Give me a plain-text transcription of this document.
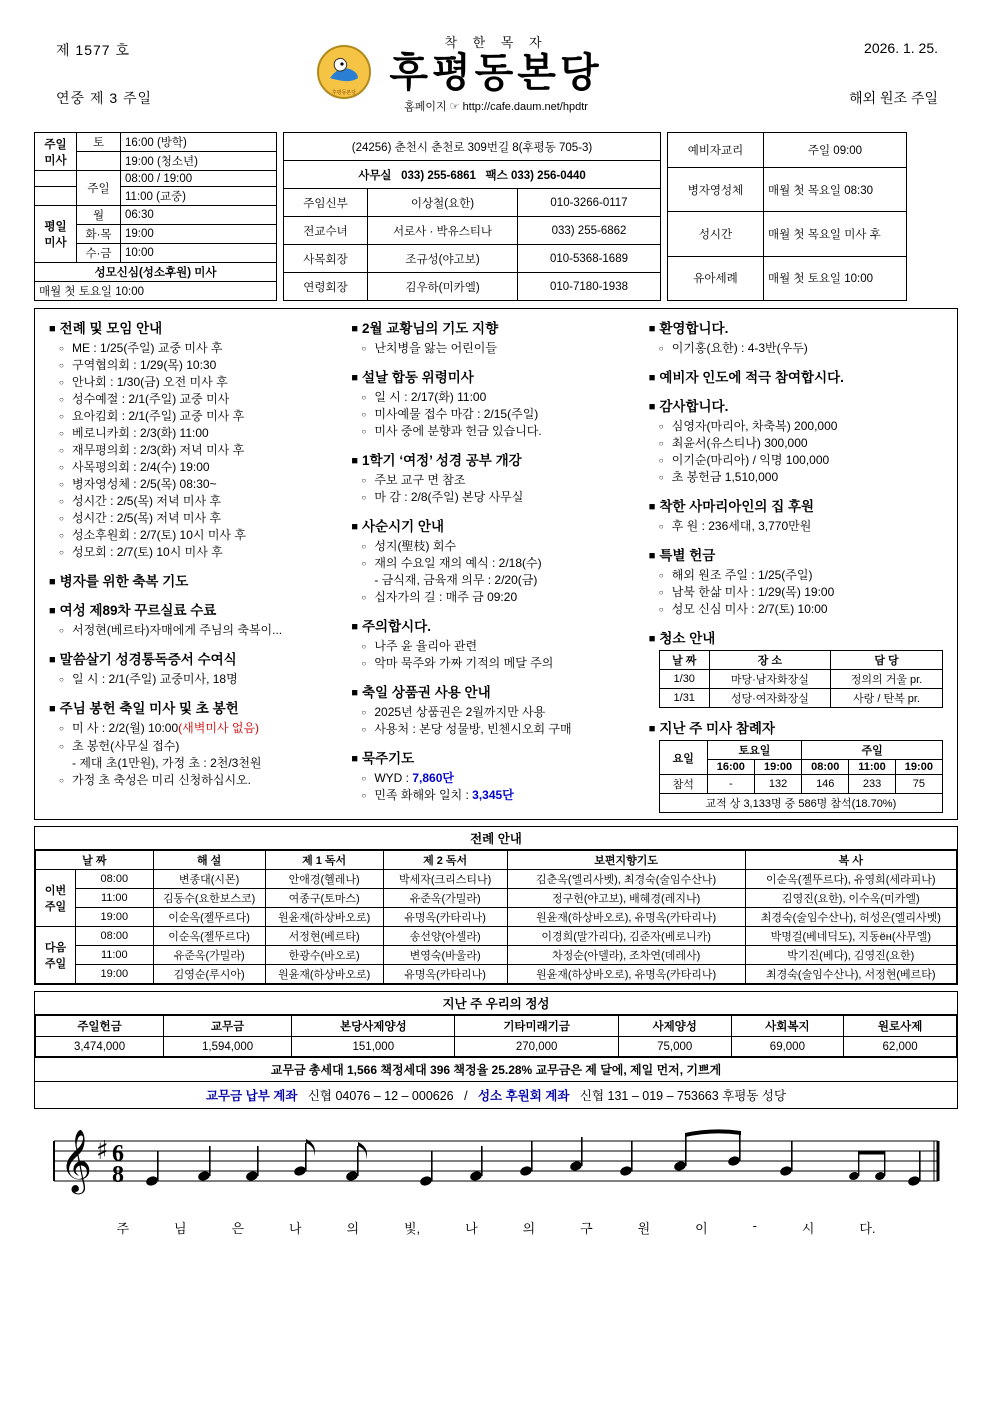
제 1577 호
연중 제 3 주일
2026. 1. 25.
해외 원조 주일
후평동본당
착 한 목 자
후평동본당
홈페이지 ☞ http://cafe.daum.net/hpdtr
주일
미사	토	16:00 (방학)
		19:00 (청소년)
	주일	08:00 / 19:00
		11:00 (교중)
평일
미사	월	06:30
	화·목	19:00
	수·금	10:00
성모신심(성소후원) 미사		
매월 첫 토요일 10:00		
(24256) 춘천시 춘천로 309번길 8(후평동 705-3)		
사무실 033) 255-6861 팩스 033) 256-0440		
주임신부	이상철(요한)	010-3266-0117
전교수녀	서로사 · 박유스티나	033) 255-6862
사목회장	조규성(야고보)	010-5368-1689
연령회장	김우하(미카엘)	010-7180-1938
예비자교리	주일 09:00
병자영성체	매월 첫 목요일 08:30
성시간	매월 첫 목요일 미사 후
유아세례	매월 첫 토요일 10:00
■ 전례 및 모임 안내
○ ME : 1/25(주일) 교중 미사 후
○ 구역협의회 : 1/29(목) 10:30
○ 안나회 : 1/30(금) 오전 미사 후
○ 성수예절 : 2/1(주일) 교중 미사
○ 요아킴회 : 2/1(주일) 교중 미사 후
○ 베로니카회 : 2/3(화) 11:00
○ 재무평의회 : 2/3(화) 저녁 미사 후
○ 사목평의회 : 2/4(수) 19:00
○ 병자영성체 : 2/5(목) 08:30~
○ 성시간 : 2/5(목) 저녁 미사 후
○ 성시간 : 2/5(목) 저녁 미사 후
○ 성소후원회 : 2/7(토) 10시 미사 후
○ 성모회 : 2/7(토) 10시 미사 후
■ 병자를 위한 축복 기도
■ 여성 제89차 꾸르실료 수료
○ 서정현(베르타)자매에게 주님의 축복이...
■ 말씀살기 성경통독증서 수여식
○ 일 시 : 2/1(주일) 교중미사, 18명
■ 주님 봉헌 축일 미사 및 초 봉헌
○ 미 사 : 2/2(월) 10:00(새벽미사 없음)
○ 초 봉헌(사무실 접수)
- 제대 초(1만원), 가정 초 : 2천/3천원
○ 가정 초 축성은 미리 신청하십시오.
■ 2월 교황님의 기도 지향
○ 난치병을 앓는 어린이들
■ 설날 합동 위령미사
○ 일 시 : 2/17(화) 11:00
○ 미사예물 접수 마감 : 2/15(주일)
○ 미사 중에 분향과 헌금 있습니다.
■ 1학기 ‘여정’ 성경 공부 개강
○ 주보 교구 면 참조
○ 마 감 : 2/8(주일) 본당 사무실
■ 사순시기 안내
○ 성지(聖枝) 회수
○ 재의 수요일 재의 예식 : 2/18(수)
- 금식재, 금육재 의무 : 2/20(금)
○ 십자가의 길 : 매주 금 09:20
■ 주의합시다.
○ 나주 윤 율리아 관련
○ 악마 묵주와 가짜 기적의 메달 주의
■ 축일 상품권 사용 안내
○ 2025년 상품권은 2월까지만 사용
○ 사용처 : 본당 성물방, 빈첸시오회 구매
■ 묵주기도
○ WYD : 7,860단
○ 민족 화해와 일치 : 3,345단
■ 환영합니다.
○ 이기홍(요한) : 4-3반(우두)
■ 예비자 인도에 적극 참여합시다.
■ 감사합니다.
○ 심영자(마리아, 차축복) 200,000
○ 최윤서(유스티나) 300,000
○ 이기순(마리아) / 익명 100,000
○ 초 봉헌금 1,510,000
■ 착한 사마리아인의 집 후원
○ 후 원 : 236세대, 3,770만원
■ 특별 헌금
○ 해외 원조 주일 : 1/25(주일)
○ 남북 한삶 미사 : 1/29(목) 19:00
○ 성모 신심 미사 : 2/7(토) 10:00
■ 청소 안내
날 짜	장 소	담 당
1/30	마당·남자화장실	정의의 거울 pr.
1/31	성당·여자화장실	사랑 / 탄복 pr.
■ 지난 주 미사 참례자
요일	토요일		주일		
	16:00	19:00	08:00	11:00	19:00
참석	-	132	146	233	75
교적 상 3,133명 중 586명 참석(18.70%)					
전례 안내
날 짜		해 설	제 1 독서	제 2 독서	보편지향기도	복 사
이번
주일	08:00	변종대(시몬)	안애경(헬레나)	박세자(크리스티나)	김춘옥(엘리사벳), 최경숙(술임수산나)	이순옥(젤뚜르다), 유영희(세라피나)
	11:00	김동수(요한보스코)	여종구(토마스)	유준옥(가밀라)	정구헌(야고보), 배혜경(레지나)	김영진(요한), 이수옥(미카엘)
	19:00	이순옥(젤뚜르다)	원윤재(하상바오로)	유명옥(카타리나)	원윤재(하상바오로), 유명옥(카타리나)	최경숙(술임수산나), 허성은(엘리사벳)
다음
주일	08:00	이순옥(젤뚜르다)	서정현(베르타)	송선양(아셀라)	이경희(말가리다), 김준자(베로니카)	박명걸(베네딕도), 지동ён(사무엘)
	11:00	유준옥(가밀라)	한광수(바오로)	변영숙(바울라)	차정순(아델라), 조차연(데레사)	박기진(베다), 김영진(요한)
	19:00	김영순(루시아)	원윤재(하상바오로)	유명옥(카타리나)	원윤재(하상바오로), 유명옥(카타리나)	최경숙(술임수산나), 서정현(베르타)
지난 주 우리의 정성
주일헌금	교무금	본당사제양성	기타미래기금	사제양성	사회복지	원로사제
3,474,000	1,594,000	151,000	270,000	75,000	69,000	62,000
교무금 총세대 1,566 책정세대 396 책정율 25.28% 교무금은 제 달에, 제일 먼저, 기쁘게
교무금 납부 계좌 신협 04076 – 12 – 000626 / 성소 후원회 계좌 신협 131 – 019 – 753663 후평동 성당
𝄞 ♯ 6
8
주	님	은	나	의	빛,	나	의	구	원	이	-	시	다.
